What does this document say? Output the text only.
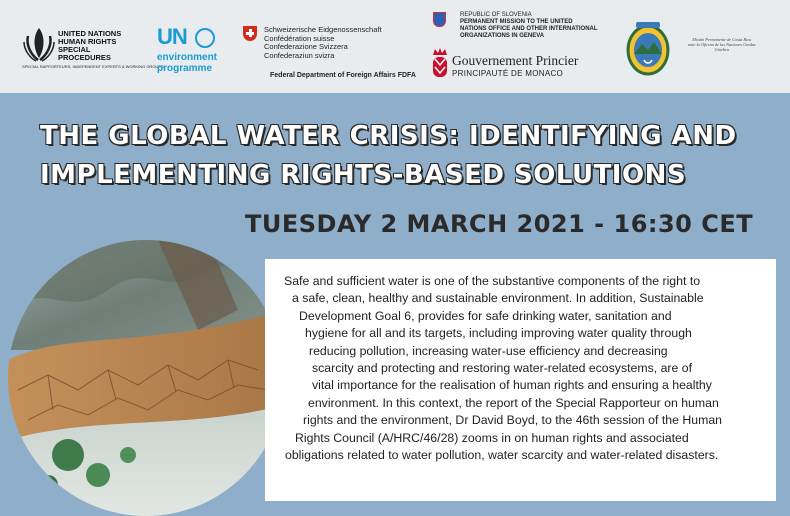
UNITED NATIONS
HUMAN RIGHTS
SPECIAL PROCEDURES
SPECIAL RAPPORTEURS, INDEPENDENT EXPERTS & WORKING GROUPS
UN
environment
programme
Schweizerische Eidgenossenschaft
Confédération suisse
Confederazione Svizzera
Confederaziun svizra
Federal Department of Foreign Affairs FDFA
REPUBLIC OF SLOVENIA
PERMANENT MISSION TO THE UNITED
NATIONS OFFICE AND OTHER INTERNATIONAL
ORGANIZATIONS IN GENEVA
Gouvernement Princier
PRINCIPAUTÉ DE MONACO
Misión Permanente de Costa Rica
ante la Oficina de las Naciones Unidas
Ginebra
THE GLOBAL WATER CRISIS: IDENTIFYING AND
IMPLEMENTING RIGHTS-BASED SOLUTIONS
TUESDAY 2 MARCH 2021 - 16:30 CET
Safe and sufficient water is one of the substantive components of the right to
a safe, clean, healthy and sustainable environment. In addition, Sustainable
Development Goal 6, provides for safe drinking water, sanitation and
hygiene for all and its targets, including improving water quality through
reducing pollution, increasing water-use efficiency and decreasing
scarcity and protecting and restoring water-related ecosystems, are of
vital importance for the realisation of human rights and ensuring a healthy
environment. In this context, the report of the Special Rapporteur on human
rights and the environment, Dr David Boyd, to the 46th session of the Human
Rights Council (A/HRC/46/28) zooms in on human rights and associated
obligations related to water pollution, water scarcity and water-related disasters.
